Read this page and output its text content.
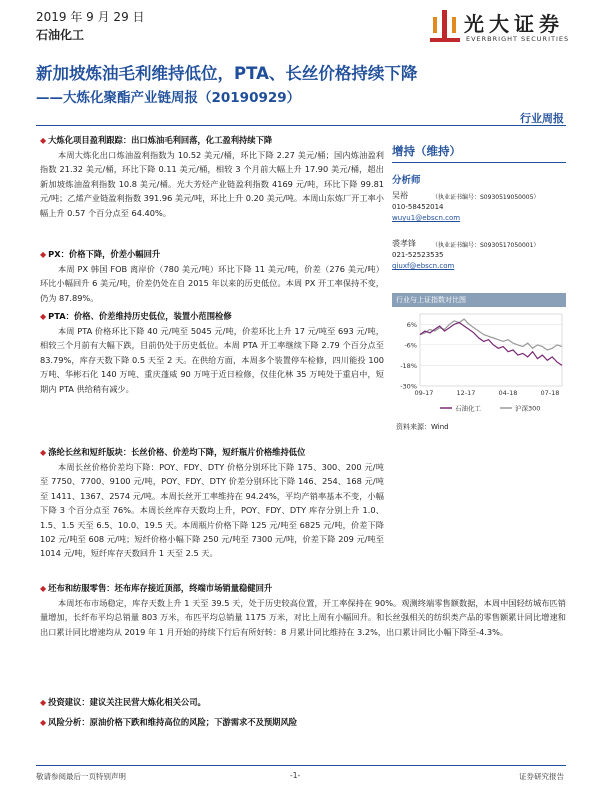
2019 年 9 月 29 日
石油化工	光大证券
EVERBRIGHT SECURITIES
新加坡炼油毛利维持低位，PTA、长丝价格持续下降
——大炼化聚酯产业链周报（20190929）
行业周报
◆ 大炼化项目盈利跟踪：出口炼油毛利回落，化工盈利持续下降
本周大炼化出口炼油盈利指数为 10.52 美元/桶，环比下降 2.27 美元/桶；国内炼油盈利指数 21.32 美元/桶，环比下降 0.11 美元/桶，相较 3 个月前大幅上升 17.90 美元/桶，超出新加坡炼油盈利指数 10.8 美元/桶。光大芳烃产业链盈利指数 4169 元/吨，环比下降 99.81 元/吨；乙烯产业链盈利指数 391.96 美元/吨，环比上升 0.20 美元/吨。本周山东炼厂开工率小幅上升 0.57 个百分点至 64.40%。
◆ PX：价格下降，价差小幅回升
本周 PX 韩国 FOB 离岸价（780 美元/吨）环比下降 11 美元/吨，价差（276 美元/吨）环比小幅回升 6 美元/吨，价差仍处在自 2015 年以来的历史低位。本周 PX 开工率保持不变，仍为 87.89%。
◆ PTA：价格、价差维持历史低位，装置小范围检修
本周 PTA 价格环比下降 40 元/吨至 5045 元/吨，价差环比上升 17 元/吨至 693 元/吨，相较三个月前有大幅下跌，目前仍处于历史低位。本周 PTA 开工率继续下降 2.79 个百分点至 83.79%，库存天数下降 0.5 天至 2 天。在供给方面，本周多个装置停车检修，四川能投 100 万吨、华彬石化 140 万吨、重庆蓬威 90 万吨于近日检修，仅佳化林 35 万吨处于重启中，短期内 PTA 供给稍有减少。
◆ 涤纶长丝和短纤版块：长丝价格、价差均下降，短纤瓶片价格维持低位
本周长丝价格价差均下降：POY、FDY、DTY 价格分别环比下降 175、300、200 元/吨至 7750、7700、9100 元/吨，POY、FDY、DTY 价差分别环比下降 146、254、168 元/吨至 1411、1367、2574 元/吨。本周长丝开工率维持在 94.24%，平均产销率基本不变，小幅下降 3 个百分点至 76%。本周长丝库存天数均上升，POY、FDY、DTY 库存分别上升 1.0、1.5、1.5 天至 6.5、10.0、19.5 天。本周瓶片价格下降 125 元/吨至 6825 元/吨，价差下降 102 元/吨至 608 元/吨；短纤价格小幅下降 250 元/吨至 7300 元/吨，价差下降 209 元/吨至 1014 元/吨，短纤库存天数回升 1 天至 2.5 天。
◆ 坯布和纺服零售：坯布库存接近顶部，终端市场销量稳健回升
本周坯布市场稳定，库存天数上升 1 天至 39.5 天，处于历史较高位置，开工率保持在 90%。观测终端零售额数据，本周中国轻纺城布匹销量增加，长纤布平均总销量 803 万米，布匹平均总销量 1175 万米，对比上周有小幅回升。和长丝强相关的纺织类产品的零售额累计同比增速和出口累计同比增速均从 2019 年 1 月开始的持续下行后有所好转：8 月累计同比维持在 3.2%，出口累计同比小幅下降至-4.3%。
◆ 投资建议：建议关注民营大炼化相关公司。
◆ 风险分析：原油价格下跌和维持高位的风险；下游需求不及预期风险
增持（维持）
分析师
吴裕	（执业证书编号：S0930519050005）
010-58452014
wuyu1@ebscn.com
裘孝锋	（执业证书编号：S0930517050001）
021-52523535
qiuxf@ebscn.com
行业与上证指数对比图
6%
-6%
-18%
-30%
09-17	12-17	04-18	07-18
石油化工	沪深300
资料来源：Wind
敬请参阅最后一页特别声明	-1-	证券研究报告
